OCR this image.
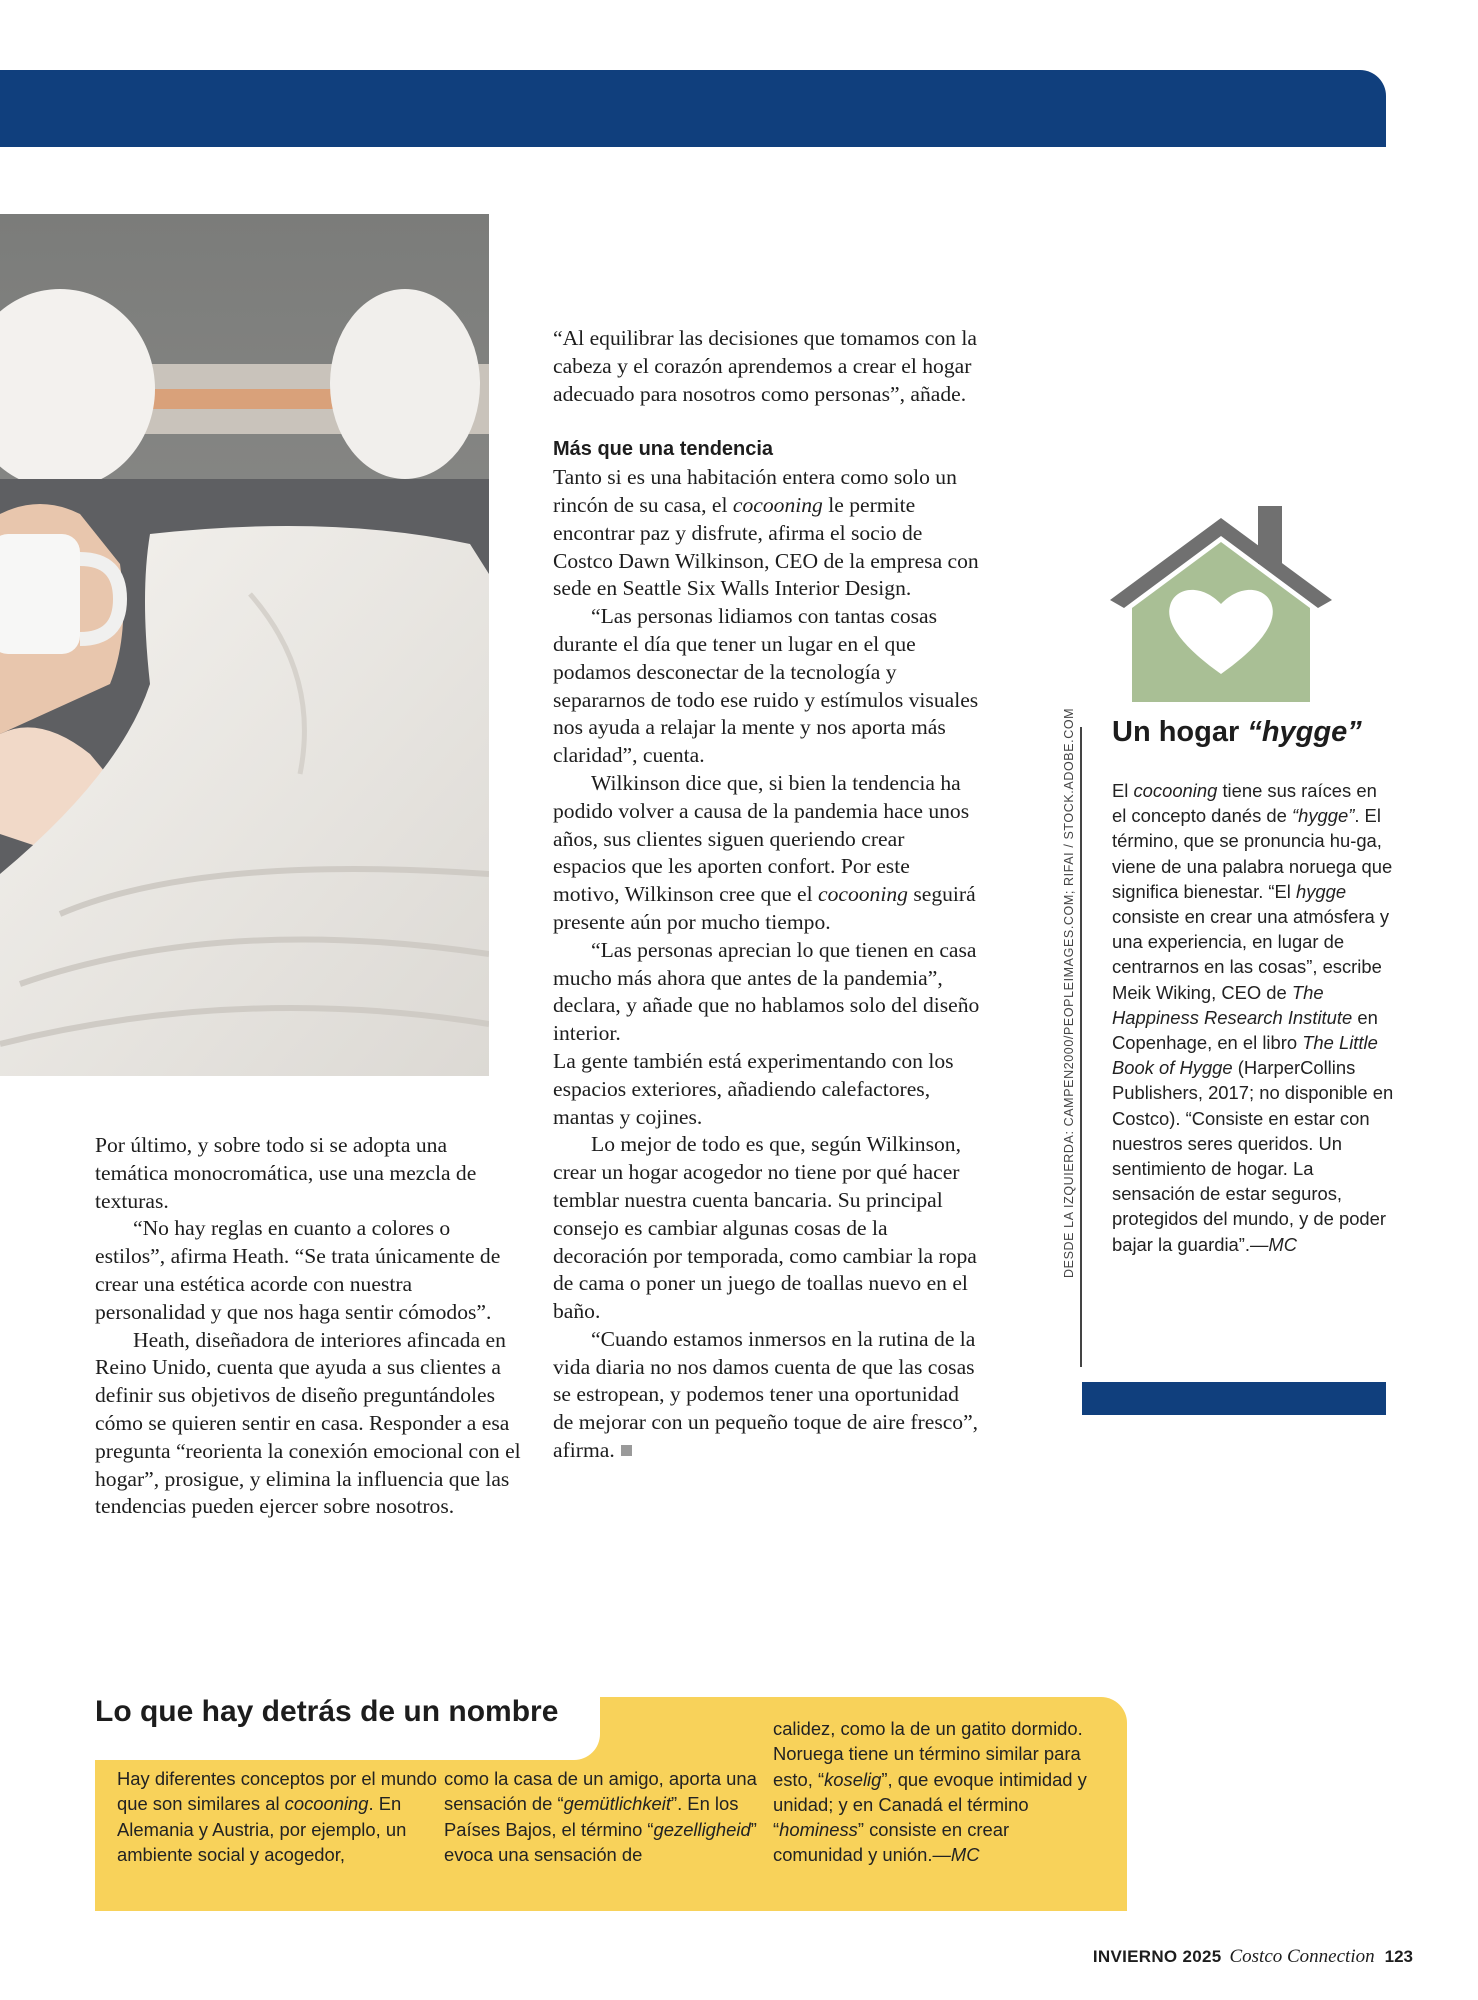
Por último, y sobre todo si se adopta una temática monocromática, use una mezcla de texturas.

“No hay reglas en cuanto a colores o estilos”, afirma Heath. “Se trata únicamente de crear una estética acorde con nuestra personalidad y que nos haga sentir cómodos”.

Heath, diseñadora de interiores afincada en Reino Unido, cuenta que ayuda a sus clientes a definir sus objetivos de diseño preguntándoles cómo se quieren sentir en casa. Responder a esa pregunta “reorienta la conexión emocional con el hogar”, prosigue, y elimina la influencia que las tendencias pueden ejercer sobre nosotros.

“Al equilibrar las decisiones que tomamos con la cabeza y el corazón aprendemos a crear el hogar adecuado para nosotros como personas”, añade.

Más que una tendencia

Tanto si es una habitación entera como solo un rincón de su casa, el cocooning le permite encontrar paz y disfrute, afirma el socio de Costco Dawn Wilkinson, CEO de la empresa con sede en Seattle Six Walls Interior Design.

“Las personas lidiamos con tantas cosas durante el día que tener un lugar en el que podamos desconectar de la tecnología y separarnos de todo ese ruido y estímulos visuales nos ayuda a relajar la mente y nos aporta más claridad”, cuenta.

Wilkinson dice que, si bien la tendencia ha podido volver a causa de la pandemia hace unos años, sus clientes siguen queriendo crear espacios que les aporten confort. Por este motivo, Wilkinson cree que el cocooning seguirá presente aún por mucho tiempo.

“Las personas aprecian lo que tienen en casa mucho más ahora que antes de la pandemia”, declara, y añade que no hablamos solo del diseño interior.

La gente también está experimentando con los espacios exteriores, añadiendo calefactores, mantas y cojines.

Lo mejor de todo es que, según Wilkinson, crear un hogar acogedor no tiene por qué hacer temblar nuestra cuenta bancaria. Su principal consejo es cambiar algunas cosas de la decoración por temporada, como cambiar la ropa de cama o poner un juego de toallas nuevo en el baño.

“Cuando estamos inmersos en la rutina de la vida diaria no nos damos cuenta de que las cosas se estropean, y podemos tener una oportunidad de mejorar con un pequeño toque de aire fresco”, afirma.

DESDE LA IZQUIERDA: CAMPEN2000/PEOPLEIMAGES.COM; RIFAI / STOCK.ADOBE.COM Un hogar “hygge”
El cocooning tiene sus raíces en el concepto danés de “hygge”. El término, que se pronuncia hu-ga, viene de una palabra noruega que significa bienestar. “El hygge consiste en crear una atmósfera y una experiencia, en lugar de centrarnos en las cosas”, escribe Meik Wiking, CEO de The Happiness Research Institute en Copenhage, en el libro The Little Book of Hygge (HarperCollins Publishers, 2017; no disponible en Costco). “Consiste en estar con nuestros seres queridos. Un sentimiento de hogar. La sensación de estar seguros, protegidos del mundo, y de poder bajar la guardia”.—MC
Lo que hay detrás de un nombre
Hay diferentes conceptos por el mundo que son similares al cocooning. En Alemania y Austria, por ejemplo, un ambiente social y acogedor,
como la casa de un amigo, aporta una sensación de “gemütlichkeit”. En los Países Bajos, el término “gezelligheid” evoca una sensación de
calidez, como la de un gatito dormido. Noruega tiene un término similar para esto, “koselig”, que evoque intimidad y unidad; y en Canadá el término “hominess” consiste en crear comunidad y unión.—MC
INVIERNO 2025 Costco Connection 123
